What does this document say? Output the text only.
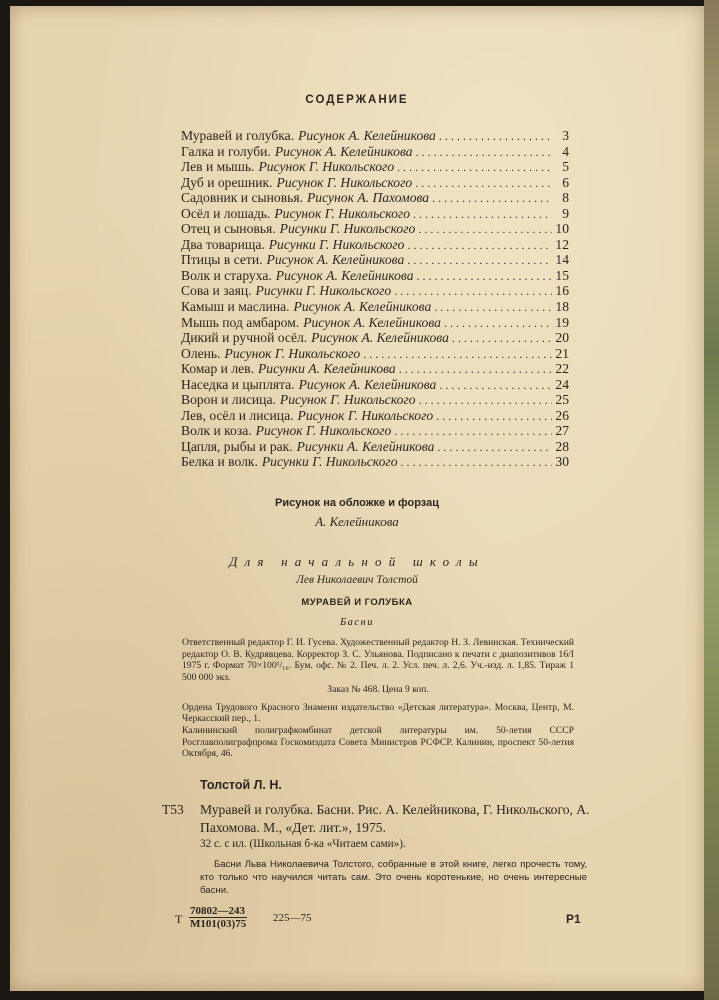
СОДЕРЖАНИЕ
Муравей и голубка. Рисунок А. Келейникова . . .	3
Галка и голуби. Рисунок А. Келейникова . . .	4
Лев и мышь. Рисунок Г. Никольского . . .	5
Дуб и орешник. Рисунок Г. Никольского . . .	6
Садовник и сыновья. Рисунок А. Пахомова . . .	8
Осёл и лошадь. Рисунок Г. Никольского . . .	9
Отец и сыновья. Рисунки Г. Никольского . . .	10
Два товарища. Рисунки Г. Никольского . . .	12
Птицы в сети. Рисунок А. Келейникова . . .	14
Волк и старуха. Рисунок А. Келейникова . . .	15
Сова и заяц. Рисунки Г. Никольского . . .	16
Камыш и маслина. Рисунок А. Келейникова . . .	18
Мышь под амбаром. Рисунок А. Келейникова . . .	19
Дикий и ручной осёл. Рисунок А. Келейникова . . .	20
Олень. Рисунок Г. Никольского . . .	21
Комар и лев. Рисунки А. Келейникова . . .	22
Наседка и цыплята. Рисунок А. Келейникова . . .	24
Ворон и лисица. Рисунок Г. Никольского . . .	25
Лев, осёл и лисица. Рисунок Г. Никольского . . .	26
Волк и коза. Рисунок Г. Никольского . . .	27
Цапля, рыбы и рак. Рисунки А. Келейникова . . .	28
Белка и волк. Рисунки Г. Никольского . . .	30
Рисунок на обложке и форзац
А. Келейникова
Для начальной школы
Лев Николаевич Толстой
МУРАВЕЙ И ГОЛУБКА
Басни

Ответственный редактор Г. И. Гусева. Художественный редактор Н. З. Левинская. Технический редактор О. В. Кудрявцева. Корректор З. С. Ульянова. Подписано к печати с диапозитивов 16/I 1975 г. Формат 70×100¹/₁₆. Бум. офс. № 2. Печ. л. 2. Усл. печ. л. 2,6. Уч.-изд. л. 1,85. Тираж 1 500 000 экз.

Заказ № 468. Цена 9 коп.

Ордена Трудового Красного Знамени издательство «Детская литература». Москва, Центр, М. Черкасский пер., 1.

Калининский полиграфкомбинат детской литературы им. 50-летия СССР Росглавполиграфпрома Госкомиздата Совета Министров РСФСР. Калинин, проспект 50-летия Октября, 46.

Толстой Л. Н.
Т53 Муравей и голубка. Басни. Рис. А. Келейникова, Г. Никольского, А. Пахомова. М., «Дет. лит.», 1975.
32 с. с ил. (Школьная б-ка «Читаем сами»).
Басни Льва Николаевича Толстого, собранные в этой книге, легко прочесть тому, кто только что научился читать сам. Это очень коротенькие, но очень интересные басни.
Т
70802—243
М101(03)75 225—75	Р1
